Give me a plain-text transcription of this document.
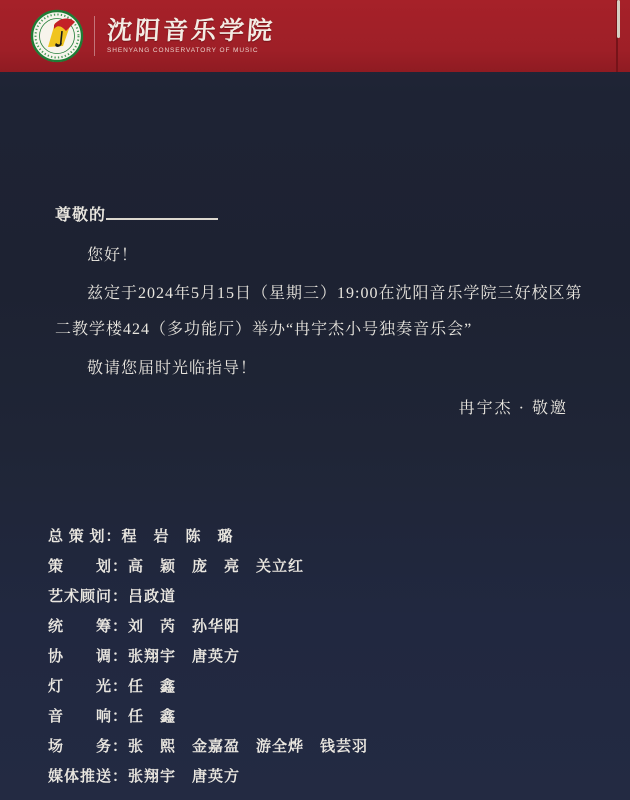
沈阳音乐学院
SHENYANG CONSERVATORY OF MUSIC
尊敬的
您好！
兹定于2024年5月15日（星期三）19:00在沈阳音乐学院三好校区第
二教学楼424（多功能厅）举办“冉宇杰小号独奏音乐会”
敬请您届时光临指导！
冉宇杰 · 敬邀
总 策 划： 程　岩　陈　璐
策　　划： 高　颖　庞　亮　关立红
艺术顾问： 吕政道
统　　筹： 刘　芮　孙华阳
协　　调： 张翔宇　唐英方
灯　　光： 任　鑫
音　　响： 任　鑫
场　　务： 张　熙　金嘉盈　游全烨　钱芸羽
媒体推送： 张翔宇　唐英方
